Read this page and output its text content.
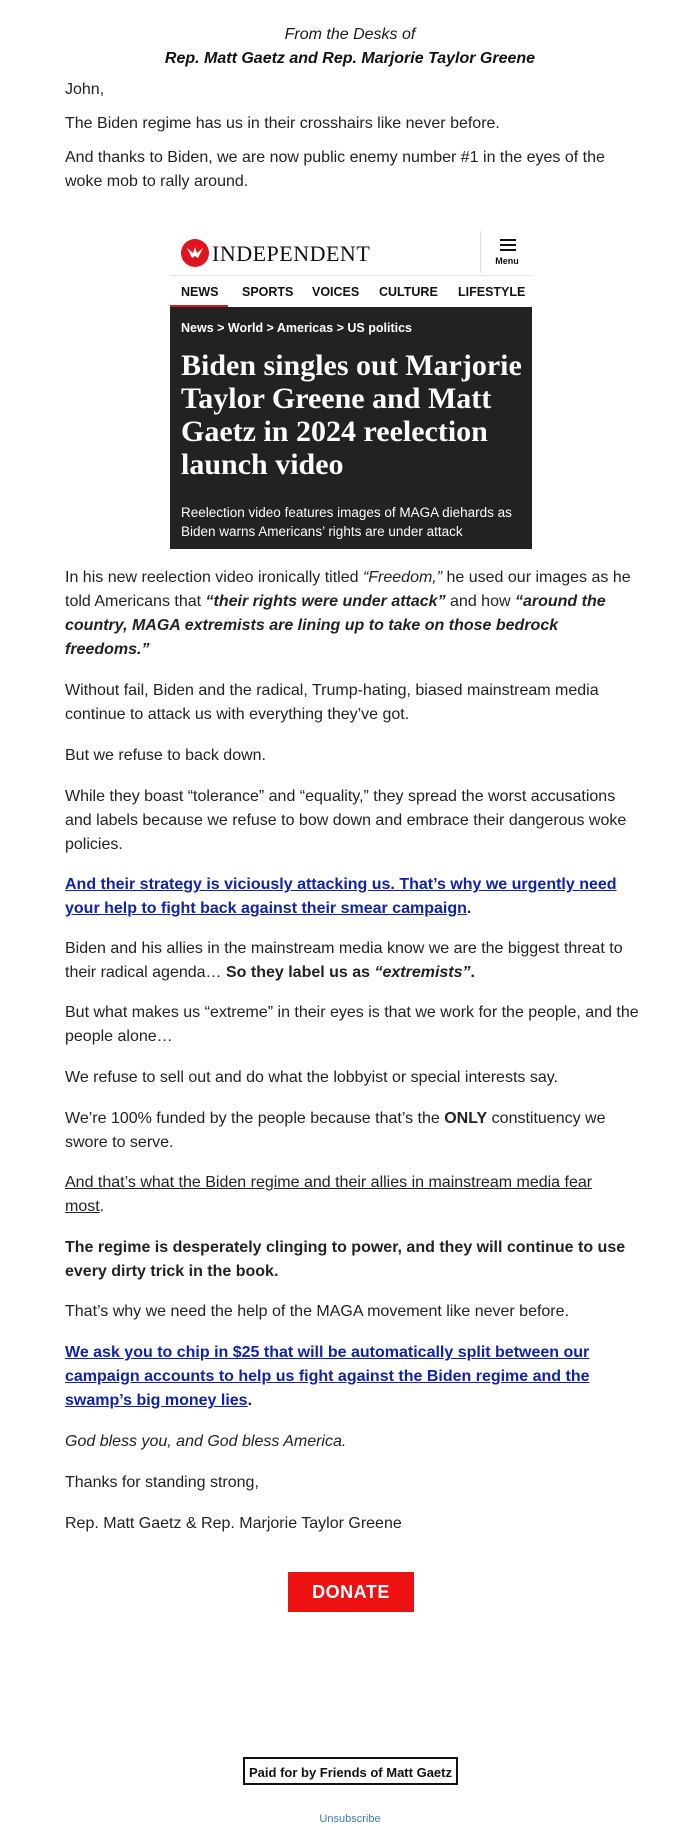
From the Desks of
Rep. Matt Gaetz and Rep. Marjorie Taylor Greene

John,

The Biden regime has us in their crosshairs like never before.

And thanks to Biden, we are now public enemy number #1 in the eyes of the woke mob to rally around.

INDEPENDENT	Menu
NEWS SPORTS VOICES CULTURE LIFESTYLE
News > World > Americas > US politics
Biden singles out Marjorie Taylor Greene and Matt Gaetz in 2024 reelection launch video
Reelection video features images of MAGA diehards as Biden warns Americans’ rights are under attack

In his new reelection video ironically titled “Freedom,” he used our images as he told Americans that “their rights were under attack” and how “around the country, MAGA extremists are lining up to take on those bedrock freedoms.”

Without fail, Biden and the radical, Trump-hating, biased mainstream media continue to attack us with everything they’ve got.

But we refuse to back down.

While they boast “tolerance” and “equality,” they spread the worst accusations and labels because we refuse to bow down and embrace their dangerous woke policies.

And their strategy is viciously attacking us. That’s why we urgently need your help to fight back against their smear campaign.

Biden and his allies in the mainstream media know we are the biggest threat to their radical agenda… So they label us as “extremists”.

But what makes us “extreme” in their eyes is that we work for the people, and the people alone…

We refuse to sell out and do what the lobbyist or special interests say.

We’re 100% funded by the people because that’s the ONLY constituency we swore to serve.

And that’s what the Biden regime and their allies in mainstream media fear most.

The regime is desperately clinging to power, and they will continue to use every dirty trick in the book.

That’s why we need the help of the MAGA movement like never before.

We ask you to chip in $25 that will be automatically split between our campaign accounts to help us fight against the Biden regime and the swamp’s big money lies.

God bless you, and God bless America.

Thanks for standing strong,

Rep. Matt Gaetz & Rep. Marjorie Taylor Greene

DONATE
Paid for by Friends of Matt Gaetz
Unsubscribe
